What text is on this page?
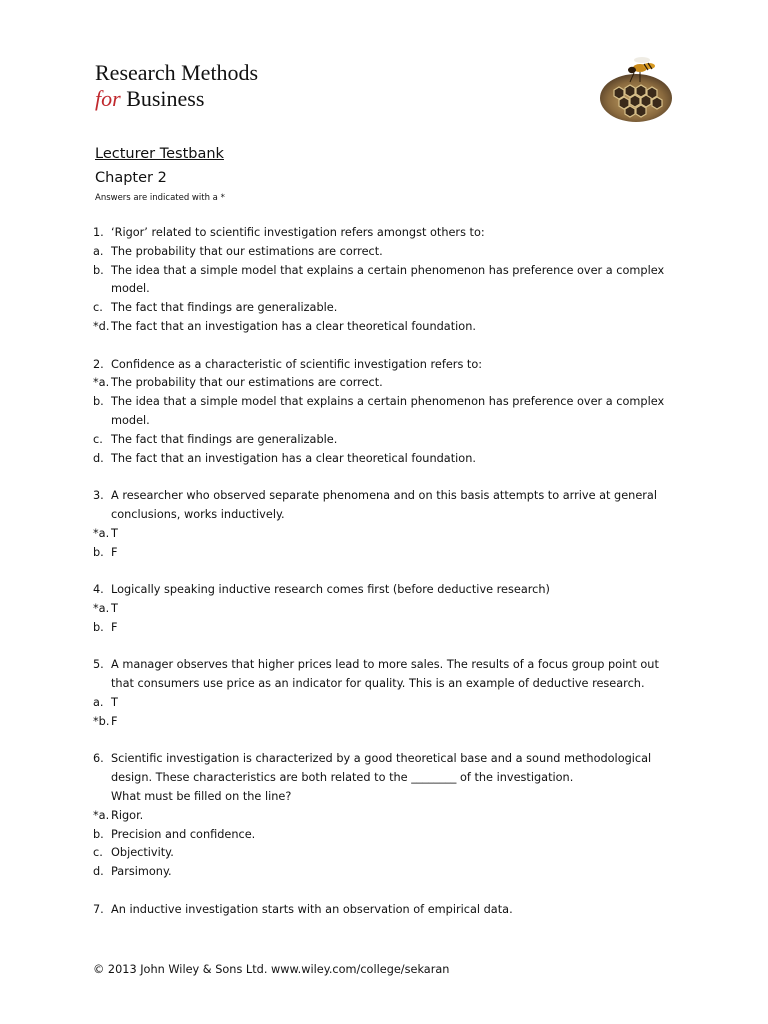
Research Methods
for Business
Lecturer Testbank
Chapter 2
Answers are indicated with a *
1. ‘Rigor’ related to scientific investigation refers amongst others to:
a. The probability that our estimations are correct.
b. The idea that a simple model that explains a certain phenomenon has preference over a complex model.
c. The fact that findings are generalizable.
*d. The fact that an investigation has a clear theoretical foundation.
2. Confidence as a characteristic of scientific investigation refers to:
*a. The probability that our estimations are correct.
b. The idea that a simple model that explains a certain phenomenon has preference over a complex model.
c. The fact that findings are generalizable.
d. The fact that an investigation has a clear theoretical foundation.
3. A researcher who observed separate phenomena and on this basis attempts to arrive at general conclusions, works inductively.
*a. T
b. F
4. Logically speaking inductive research comes first (before deductive research)
*a. T
b. F
5. A manager observes that higher prices lead to more sales. The results of a focus group point out that consumers use price as an indicator for quality. This is an example of deductive research.
a. T
*b. F
6. Scientific investigation is characterized by a good theoretical base and a sound methodological design. These characteristics are both related to the ________ of the investigation.
What must be filled on the line?
*a. Rigor.
b. Precision and confidence.
c. Objectivity.
d. Parsimony.
7. An inductive investigation starts with an observation of empirical data.
© 2013 John Wiley & Sons Ltd. www.wiley.com/college/sekaran
